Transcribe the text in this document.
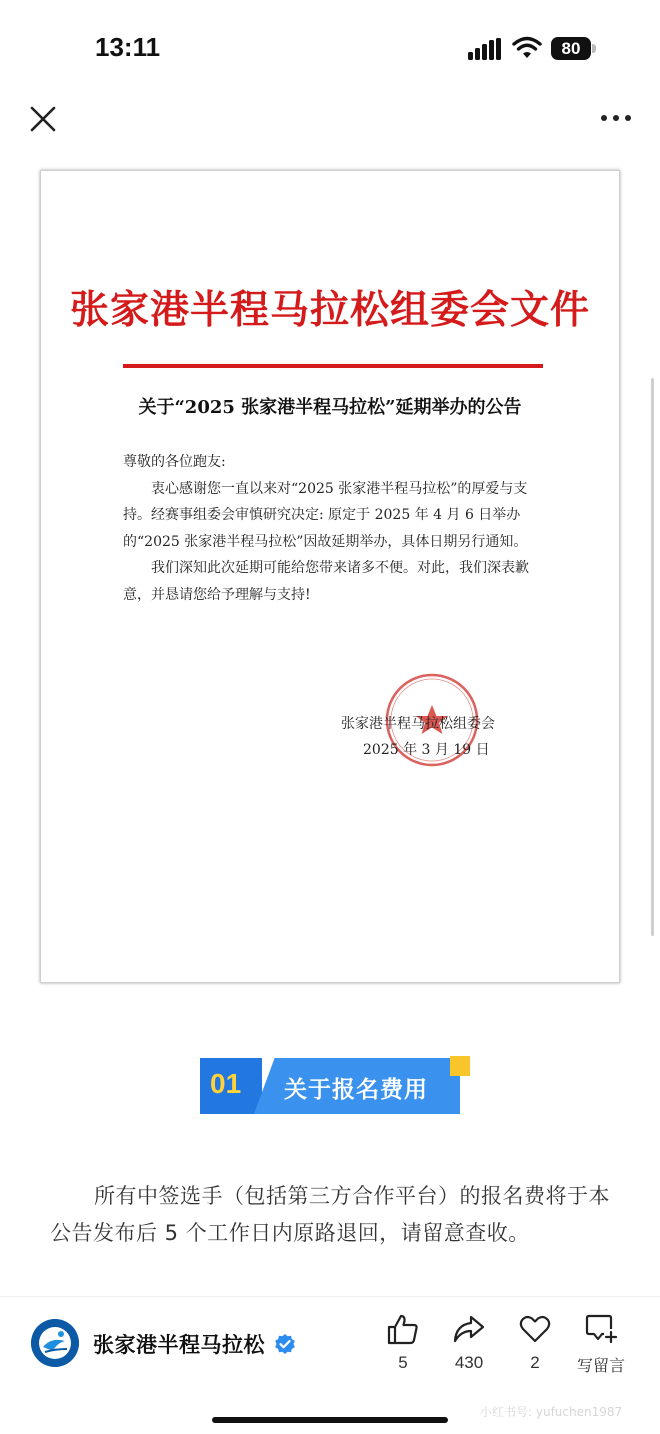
13:11	80
张家港半程马拉松组委会文件
关于“2025 张家港半程马拉松”延期举办的公告

尊敬的各位跑友:

衷心感谢您一直以来对“2025 张家港半程马拉松”的厚爱与支持。经赛事组委会审慎研究决定: 原定于 2025 年 4 月 6 日举办的“2025 张家港半程马拉松”因故延期举办，具体日期另行通知。

我们深知此次延期可能给您带来诸多不便。对此，我们深表歉意，并恳请您给予理解与支持!

张家港半程马拉松组委会
2025 年 3 月 19 日
01 关于报名费用

所有中签选手（包括第三方合作平台）的报名费将于本公告发布后 5 个工作日内原路退回，请留意查收。

张家港半程马拉松
5	430	2	写留言
小红书号: yufuchen1987
